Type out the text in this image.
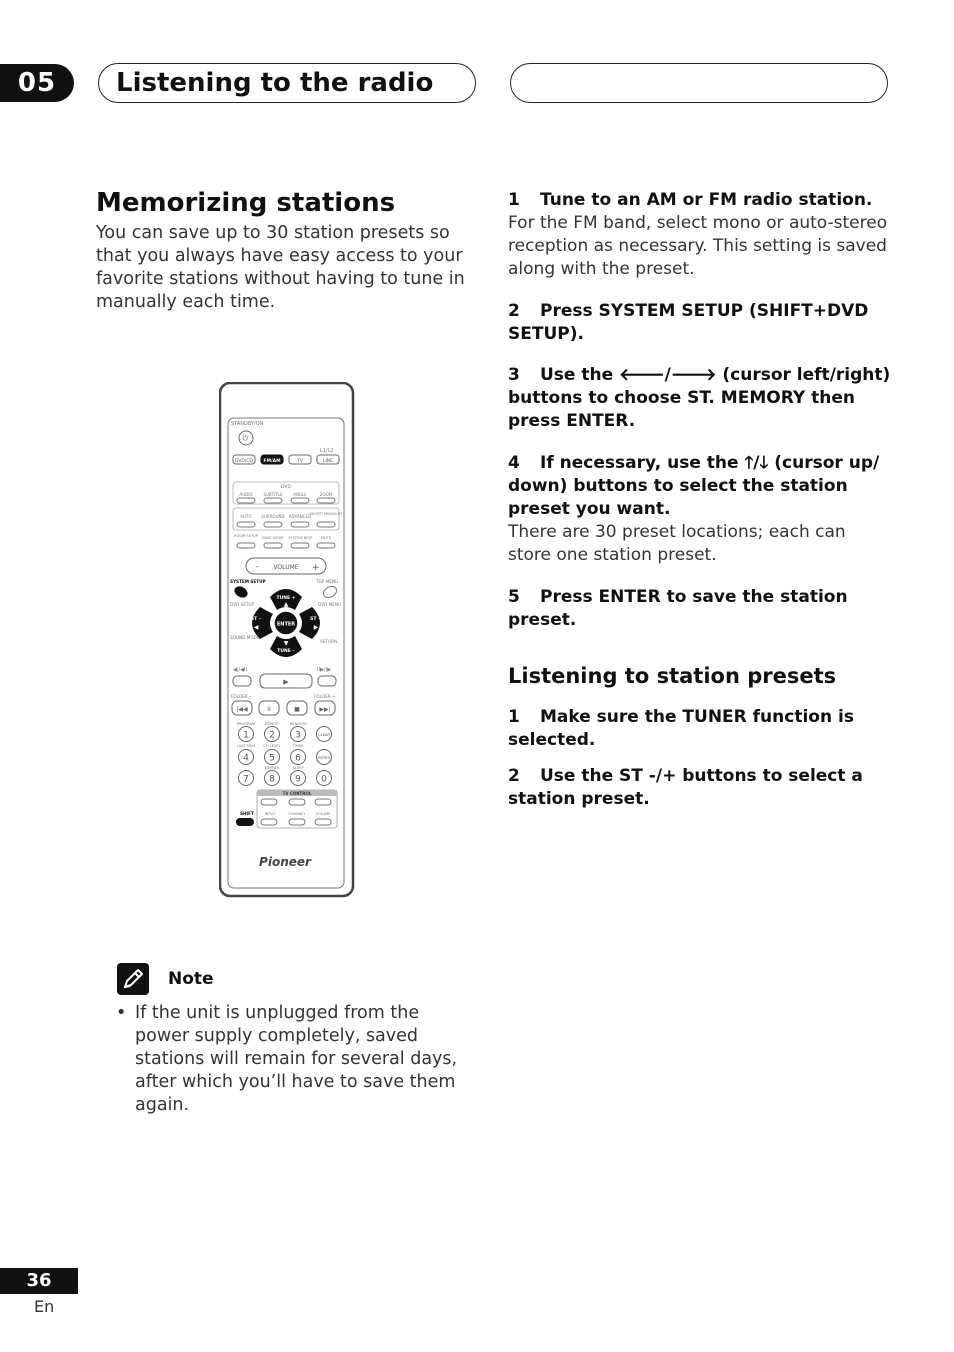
05	Listening to the radio
Memorizing stations
You can save up to 30 station presets so that you always have easy access to your favorite stations without having to tune in manually each time.
STANDBY/ON
⏻
L1/L2
DVD/CD FM/AM	TV	LINE
DVD
AUDIO	SUBTITLE	ANGLE	ZOOM
AUTO SURROUND ADVANCED
SHORT/ MIDNIGHT
ROOM SETUP BASS MODE SYSTEM DISP	MUTE
– VOLUME +
SYSTEM SETUP	TOP MENU
DVD SETUP	DVD MENU
ENTER
TUNE +
▲
TUNE –
▼
ST –
◀
ST +
▶
SOUND MODE
RETURN
◀|/◀II	II▶/|▶
▶
FOLDER –	FOLDER +
|◀◀	II	■	▶▶|
PROGRAM	REPEAT	RANDOM
1 2 3	CLEAR
LAST MEM CH LEVEL	TIMER
4 5 6	ENTER
DIMMER	SLEEP
7 8 9 0
TV CONTROL
INPUT	CHANNEL	VOLUME
SHIFT
Pioneer
Note
• If the unit is unplugged from the power supply completely, saved stations will remain for several days, after which you’ll have to save them again.
1 Tune to an AM or FM radio station.
For the FM band, select mono or auto-stereo reception as necessary. This setting is saved along with the preset.
2 Press SYSTEM SETUP (SHIFT+DVD SETUP).
3 Use the 🡐/🡒 (cursor left/right) buttons to choose ST. MEMORY then press ENTER.
4 If necessary, use the 🡑/🡓 (cursor up/ down) buttons to select the station preset you want.
There are 30 preset locations; each can store one station preset.
5 Press ENTER to save the station preset.
Listening to station presets
1 Make sure the TUNER function is selected.
2 Use the ST -/+ buttons to select a station preset.
36
En
